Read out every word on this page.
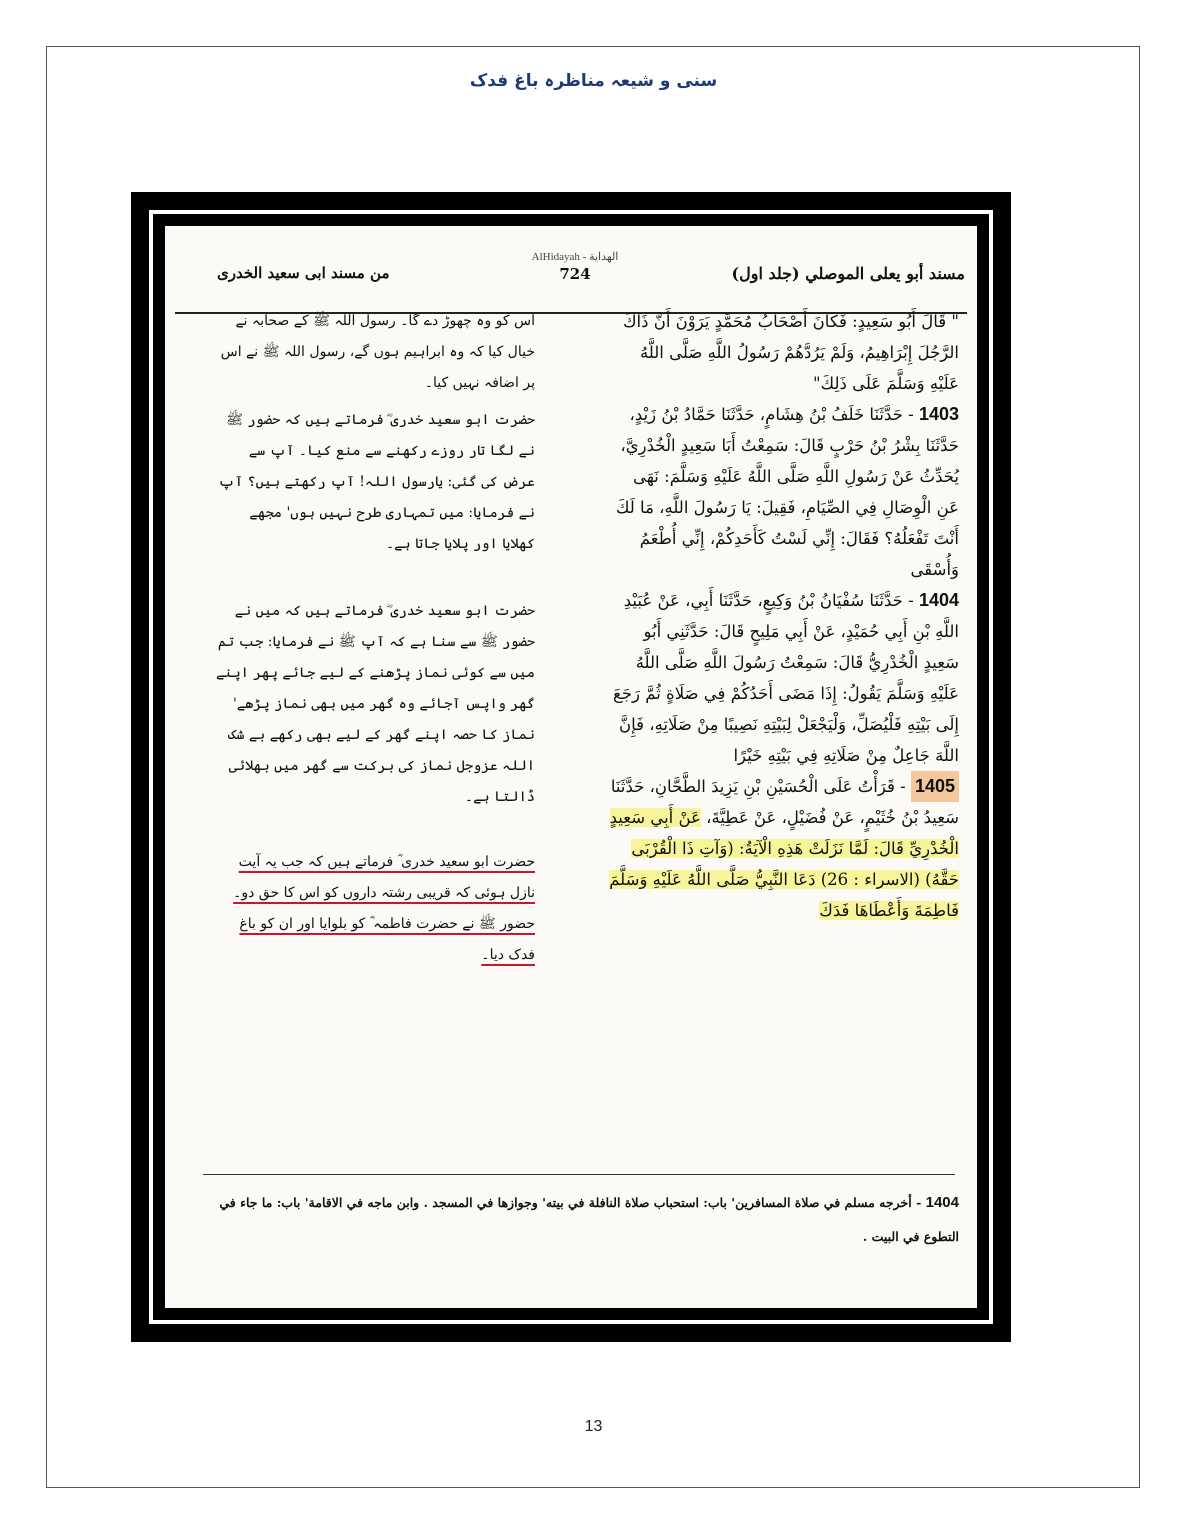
سنی و شیعہ مناظرہ باغ فدک
مسند أبو يعلى الموصلي (جلد اول)
AlHidayah - الهداية
724
من مسند ابی سعید الخدری

" قَالَ أَبُو سَعِيدٍ: فَكَانَ أَصْحَابُ مُحَمَّدٍ يَرَوْنَ أَنَّ ذَاكَ الرَّجُلَ إِبْرَاهِيمُ، وَلَمْ يَرُدَّهُمْ رَسُولُ اللَّهِ صَلَّى اللَّهُ عَلَيْهِ وَسَلَّمَ عَلَى ذَلِكَ"

1403 - حَدَّثَنَا خَلَفُ بْنُ هِشَامٍ، حَدَّثَنَا حَمَّادُ بْنُ زَيْدٍ، حَدَّثَنَا بِشْرُ بْنُ حَرْبٍ قَالَ: سَمِعْتُ أَبَا سَعِيدٍ الْخُدْرِيَّ، يُحَدِّثُ عَنْ رَسُولِ اللَّهِ صَلَّى اللَّهُ عَلَيْهِ وَسَلَّمَ: نَهَى عَنِ الْوِصَالِ فِي الصِّيَامِ، فَقِيلَ: يَا رَسُولَ اللَّهِ، مَا لَكَ أَنْتَ تَفْعَلُهُ؟ فَقَالَ: إِنِّي لَسْتُ كَأَحَدِكُمْ، إِنِّي أُطْعَمُ وَأُسْقَى

1404 - حَدَّثَنَا سُفْيَانُ بْنُ وَكِيعٍ، حَدَّثَنَا أَبِي، عَنْ عُبَيْدِ اللَّهِ بْنِ أَبِي حُمَيْدٍ، عَنْ أَبِي مَلِيحٍ قَالَ: حَدَّثَنِي أَبُو سَعِيدٍ الْخُدْرِيُّ قَالَ: سَمِعْتُ رَسُولَ اللَّهِ صَلَّى اللَّهُ عَلَيْهِ وَسَلَّمَ يَقُولُ: إِذَا مَضَى أَحَدُكُمْ فِي صَلَاةٍ ثُمَّ رَجَعَ إِلَى بَيْتِهِ فَلْيُصَلِّ، وَلْيَجْعَلْ لِبَيْتِهِ نَصِيبًا مِنْ صَلَاتِهِ، فَإِنَّ اللَّهَ جَاعِلٌ مِنْ صَلَاتِهِ فِي بَيْتِهِ خَيْرًا

1405 - قَرَأْتُ عَلَى الْحُسَيْنِ بْنِ يَزِيدَ الطَّحَّانِ، حَدَّثَنَا سَعِيدُ بْنُ خُثَيْمٍ، عَنْ فُضَيْلٍ، عَنْ عَطِيَّةَ، عَنْ أَبِي سَعِيدٍ الْخُدْرِيِّ قَالَ: لَمَّا نَزَلَتْ هَذِهِ الْآيَةُ: (وَآتِ ذَا الْقُرْبَى حَقَّهُ) (الاسراء : 26) دَعَا النَّبِيُّ صَلَّى اللَّهُ عَلَيْهِ وَسَلَّمَ فَاطِمَةَ وَأَعْطَاهَا فَدَكَ

اس کو وہ چھوڑ دے گا۔ رسول اللہ ﷺ کے صحابہ نے خیال کیا کہ وہ ابراہیم ہوں گے، رسول اللہ ﷺ نے اس پر اضافہ نہیں کیا۔

حضرت ابو سعید خدری ؓ فرماتے ہیں کہ حضور ﷺ نے لگا تار روزے رکھنے سے منع کیا۔ آپ سے عرض کی گئی: یارسول اللہ! آپ رکھتے ہیں؟ آپ نے فرمایا: میں تمہاری طرح نہیں ہوں' مجھے کھلایا اور پلایا جاتا ہے۔

حضرت ابو سعید خدری ؓ فرماتے ہیں کہ میں نے حضور ﷺ سے سنا ہے کہ آپ ﷺ نے فرمایا: جب تم میں سے کوئی نماز پڑھنے کے لیے جائے پھر اپنے گھر واپس آجائے وہ گھر میں بھی نماز پڑھے' نماز کا حصہ اپنے گھر کے لیے بھی رکھے بے شک اللہ عزوجل نماز کی برکت سے گھر میں بھلائی ڈالتا ہے۔

حضرت ابو سعید خدری ؓ فرماتے ہیں کہ جب یہ آیت نازل ہوئی کہ قریبی رشتہ داروں کو اس کا حق دو۔ حضور ﷺ نے حضرت فاطمہ ؓ کو بلوایا اور ان کو باغ فدک دیا۔

1404 - أخرجه مسلم في صلاة المسافرين' باب: استحباب صلاة النافلة في بيته' وجوازها في المسجد . وابن ماجه في الاقامة' باب: ما جاء في التطوع في البيت .
13
